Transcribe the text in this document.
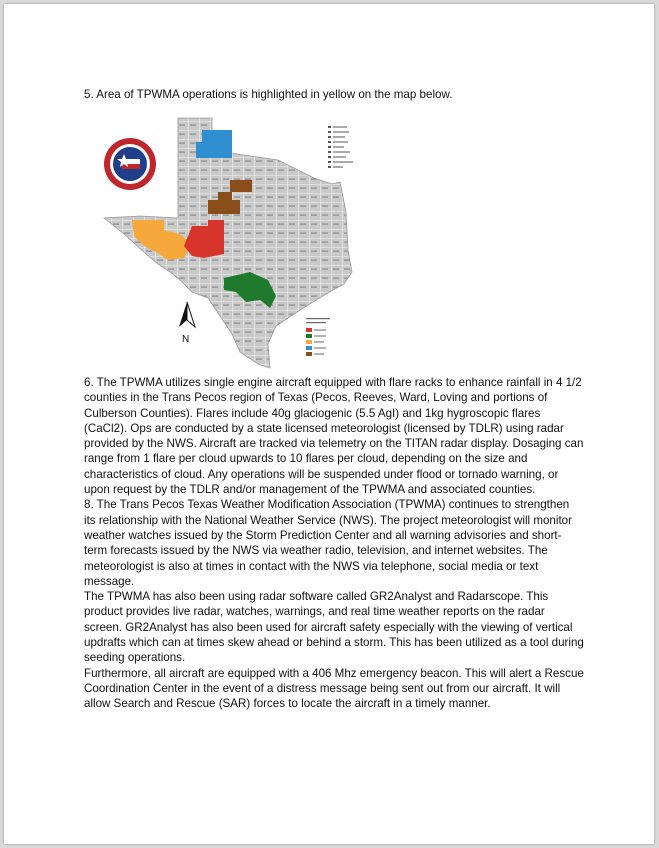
5. Area of TPWMA operations is highlighted in yellow on the map below.
N

6. The TPWMA utilizes single engine aircraft equipped with flare racks to enhance rainfall in 4 1/2 counties in the Trans Pecos region of Texas (Pecos, Reeves, Ward, Loving and portions of Culberson Counties). Flares include 40g glaciogenic (5.5 AgI) and 1kg hygroscopic flares (CaCl2). Ops are conducted by a state licensed meteorologist (licensed by TDLR) using radar provided by the NWS. Aircraft are tracked via telemetry on the TITAN radar display. Dosaging can range from 1 flare per cloud upwards to 10 flares per cloud, depending on the size and characteristics of cloud. Any operations will be suspended under flood or tornado warning, or upon request by the TDLR and/or management of the TPWMA and associated counties.

8. The Trans Pecos Texas Weather Modification Association (TPWMA) continues to strengthen its relationship with the National Weather Service (NWS). The project meteorologist will monitor weather watches issued by the Storm Prediction Center and all warning advisories and short-term forecasts issued by the NWS via weather radio, television, and internet websites. The meteorologist is also at times in contact with the NWS via telephone, social media or text message.

The TPWMA has also been using radar software called GR2Analyst and Radarscope. This product provides live radar, watches, warnings, and real time weather reports on the radar screen. GR2Analyst has also been used for aircraft safety especially with the viewing of vertical updrafts which can at times skew ahead or behind a storm. This has been utilized as a tool during seeding operations.

Furthermore, all aircraft are equipped with a 406 Mhz emergency beacon. This will alert a Rescue Coordination Center in the event of a distress message being sent out from our aircraft. It will allow Search and Rescue (SAR) forces to locate the aircraft in a timely manner.
